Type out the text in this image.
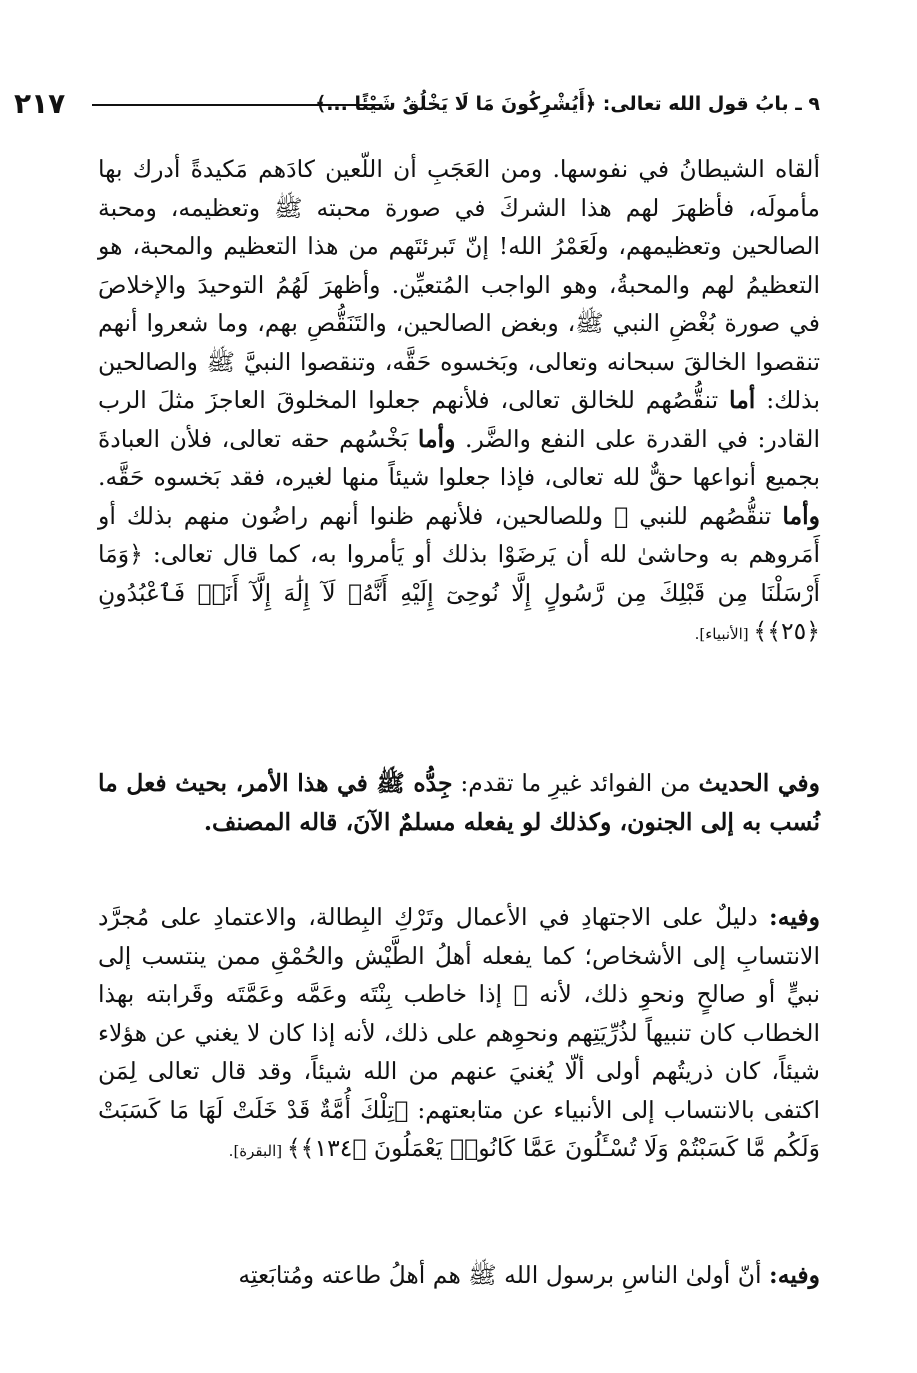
٢١٧	٩ ـ بابُ قول الله تعالى: ﴿أَيُشْرِكُونَ مَا لَا يَخْلُقُ شَيْئًا ...﴾
ألقاه الشيطانُ في نفوسها. ومن العَجَبِ أن اللّعين كادَهم مَكيدةً أدرك بها مأمولَه، فأظهرَ لهم هذا الشركَ في صورة محبته ﷺ وتعظيمه، ومحبة الصالحين وتعظيمهم، ولَعَمْرُ الله! إنّ تَبرئتَهم من هذا التعظيم والمحبة، هو التعظيمُ لهم والمحبةُ، وهو الواجب المُتعيِّن. وأظهرَ لَهُمُ التوحيدَ والإخلاصَ في صورة بُغْضِ النبي ﷺ، وبغض الصالحين، والتَنَقُّصِ بهم، وما شعروا أنهم تنقصوا الخالقَ سبحانه وتعالى، وبَخسوه حَقَّه، وتنقصوا النبيَّ ﷺ والصالحين بذلك: أما تنقُّصُهم للخالق تعالى، فلأنهم جعلوا المخلوقَ العاجزَ مثلَ الرب القادر: في القدرة على النفع والضَّر. وأما بَخْسُهم حقه تعالى، فلأن العبادةَ بجميع أنواعها حقٌّ لله تعالى، فإذا جعلوا شيئاً منها لغيره، فقد بَخسوه حَقَّه. وأما تنقُّصُهم للنبي ﷺ وللصالحين، فلأنهم ظنوا أنهم راضُون منهم بذلك أو أَمَروهم به وحاشىٰ لله أن يَرضَوْا بذلك أو يَأمروا به، كما قال تعالى: ﴿وَمَا أَرْسَلْنَا مِن قَبْلِكَ مِن رَّسُولٍ إِلَّا نُوحِىٓ إِلَيْهِ أَنَّهُۥ لَآ إِلَٰهَ إِلَّآ أَنَا۠ فَٱعْبُدُونِ ﴿٢٥﴾﴾ [الأنبياء].
وفي الحديث من الفوائد غيرِ ما تقدم: جِدُّه ﷺ في هذا الأمر، بحيث فعل ما نُسب به إلى الجنون، وكذلك لو يفعله مسلمٌ الآنَ، قاله المصنف.
وفيه: دليلٌ على الاجتهادِ في الأعمال وتَرْكِ البِطالة، والاعتمادِ على مُجرَّد الانتسابِ إلى الأشخاص؛ كما يفعله أهلُ الطَّيْش والحُمْقِ ممن ينتسب إلى نبيٍّ أو صالحٍ ونحوِ ذلك، لأنه ﷺ إذا خاطب بِنْتَه وعَمَّه وعَمَّتَه وقَرابته بهذا الخطاب كان تنبيهاً لذُرِّيَتِهم ونحوِهم على ذلك، لأنه إذا كان لا يغني عن هؤلاء شيئاً، كان ذريتُهم أولى ألّا يُغنيَ عنهم من الله شيئاً، وقد قال تعالى لِمَن اكتفى بالانتساب إلى الأنبياء عن متابعتهم: ﴿تِلْكَ أُمَّةٌ قَدْ خَلَتْ لَهَا مَا كَسَبَتْ وَلَكُم مَّا كَسَبْتُمْ وَلَا تُسْـَٔلُونَ عَمَّا كَانُوا۟ يَعْمَلُونَ ﴿١٣٤﴾﴾ [البقرة].
وفيه: أنّ أولىٰ الناسِ برسول الله ﷺ هم أهلُ طاعته ومُتابَعتِه
